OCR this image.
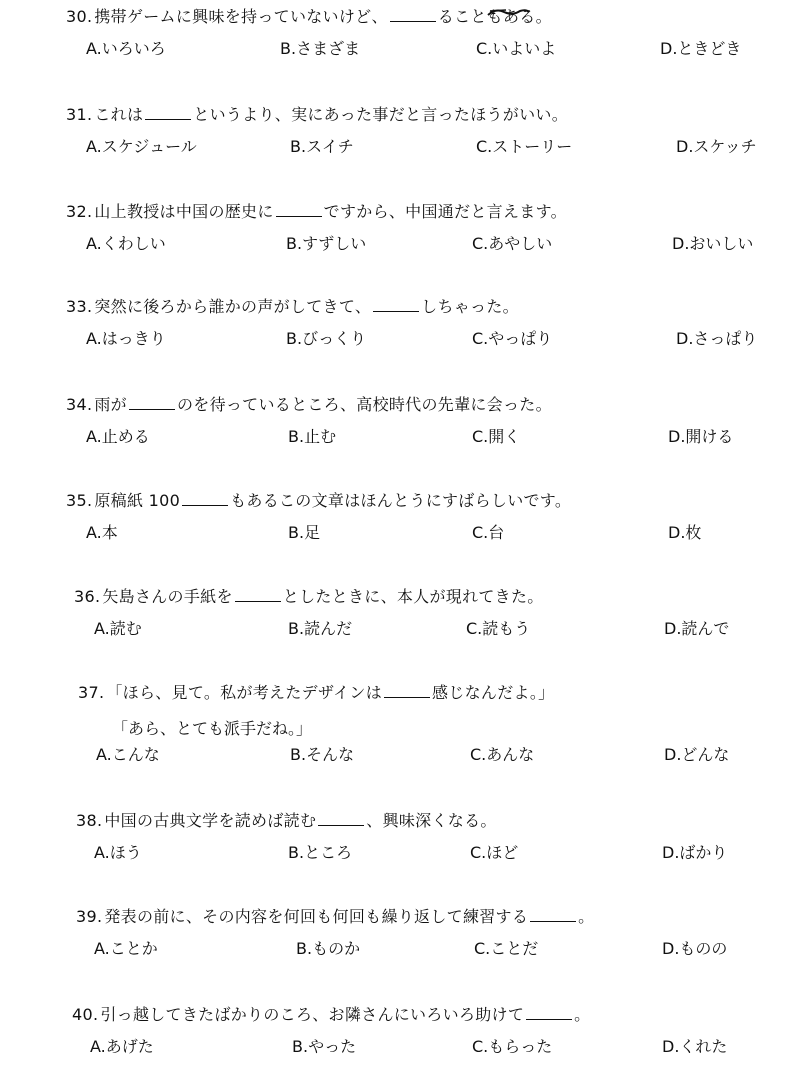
30. 携帯ゲームに興味を持っていないけど、	ることもある。
A.いろいろ	B.さまざま	C.いよいよ	D.ときどき
31. これは	というより、実にあった事だと言ったほうがいい。
A.スケジュール	B.スイチ	C.ストーリー	D.スケッチ
32. 山上教授は中国の歴史に	ですから、中国通だと言えます。
A.くわしい	B.すずしい	C.あやしい	D.おいしい
33. 突然に後ろから誰かの声がしてきて、	しちゃった。
A.はっきり	B.びっくり	C.やっぱり	D.さっぱり
34. 雨が	のを待っているところ、高校時代の先輩に会った。
A.止める	B.止む	C.開く	D.開ける
35. 原稿紙 100	もあるこの文章はほんとうにすばらしいです。
A.本	B.足	C.台	D.枚
36. 矢島さんの手紙を	としたときに、本人が現れてきた。
A.読む	B.読んだ	C.読もう	D.読んで
37. 「ほら、見て。私が考えたデザインは	感じなんだよ。」
「あら、とても派手だね。」
A.こんな	B.そんな	C.あんな	D.どんな
38. 中国の古典文学を読めば読む	、興味深くなる。
A.ほう	B.ところ	C.ほど	D.ばかり
39. 発表の前に、その内容を何回も何回も繰り返して練習する	。
A.ことか	B.ものか	C.ことだ	D.ものの
40. 引っ越してきたばかりのころ、お隣さんにいろいろ助けて	。
A.あげた	B.やった	C.もらった	D.くれた
